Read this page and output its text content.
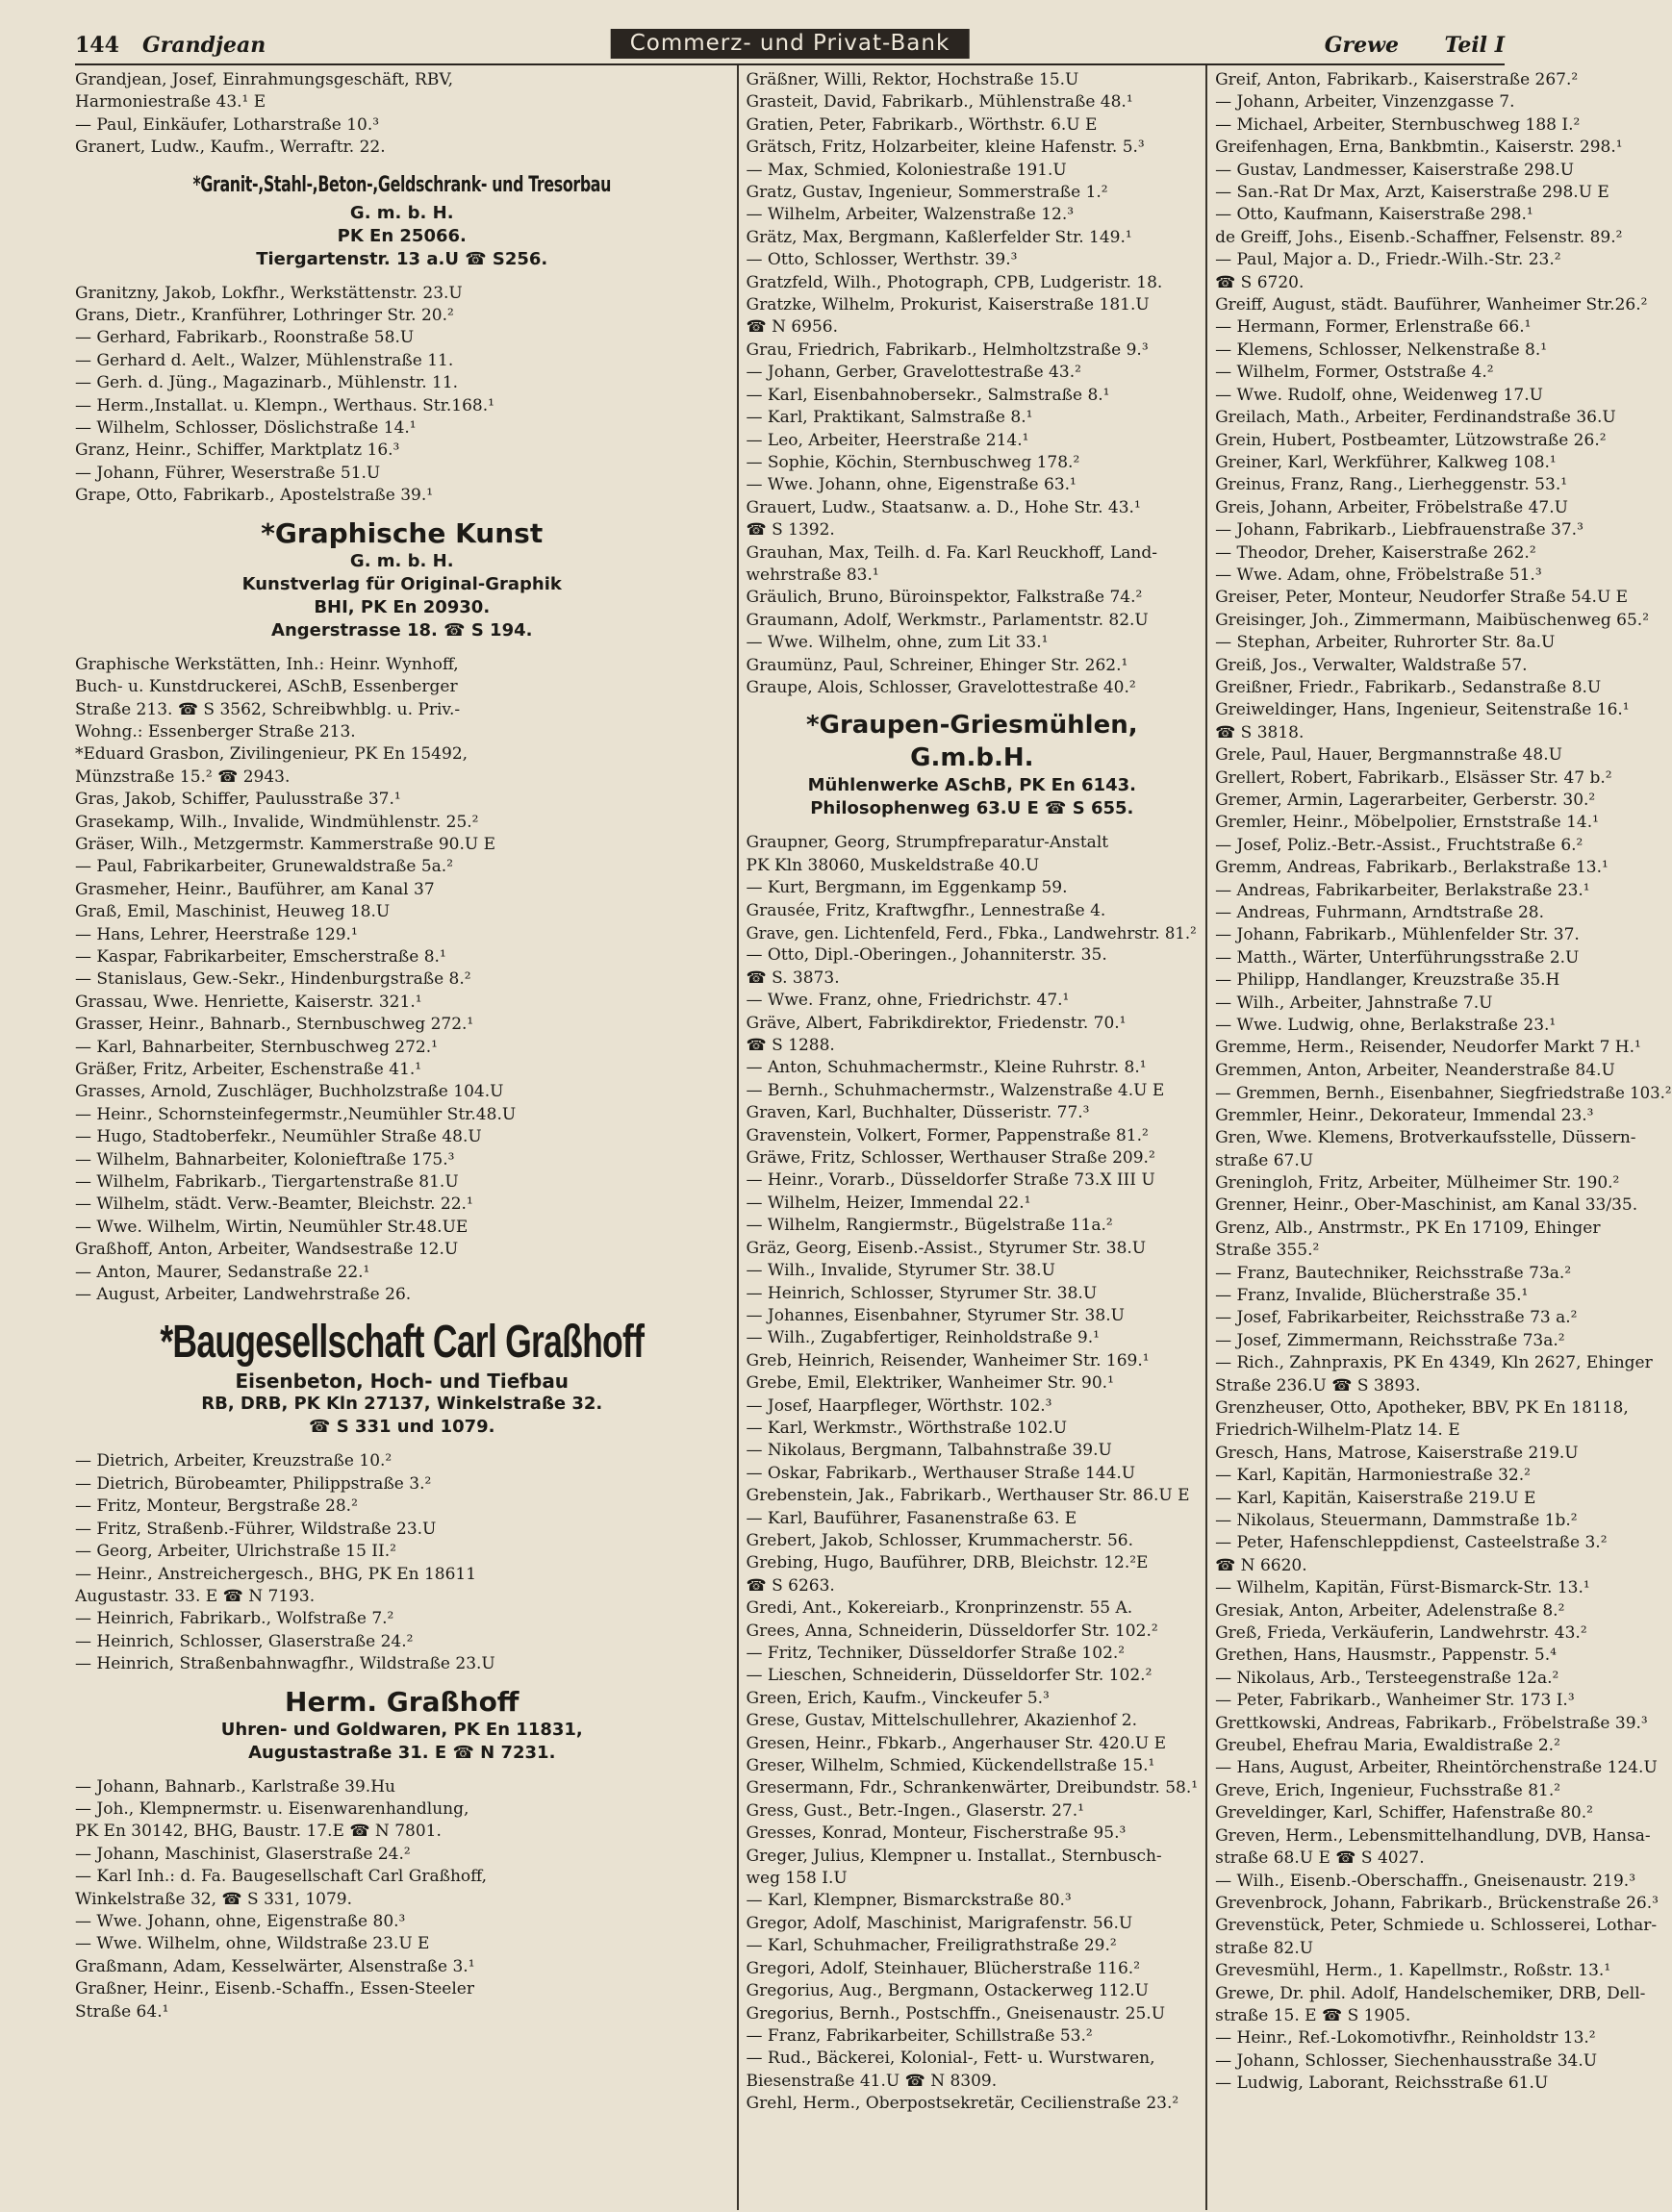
144 Grandjean	Commerz- und Privat-Bank	Grewe Teil I
Grandjean, Josef, Einrahmungsgeschäft, RBV,
Harmoniestraße 43.¹ E
— Paul, Einkäufer, Lotharstraße 10.³
Granert, Ludw., Kaufm., Werraftr. 22.
*Granit-,Stahl-,Beton-,Geldschrank- und Tresorbau
G. m. b. H.
PK En 25066.
Tiergartenstr. 13 a.U ☎ S256.
Granitzny, Jakob, Lokfhr., Werkstättenstr. 23.U
Grans, Dietr., Kranführer, Lothringer Str. 20.²
— Gerhard, Fabrikarb., Roonstraße 58.U
— Gerhard d. Aelt., Walzer, Mühlenstraße 11.
— Gerh. d. Jüng., Magazinarb., Mühlenstr. 11.
— Herm.,Installat. u. Klempn., Werthaus. Str.168.¹
— Wilhelm, Schlosser, Döslichstraße 14.¹
Granz, Heinr., Schiffer, Marktplatz 16.³
— Johann, Führer, Weserstraße 51.U
Grape, Otto, Fabrikarb., Apostelstraße 39.¹
*Graphische Kunst
G. m. b. H.
Kunstverlag für Original-Graphik
BHI, PK En 20930.
Angerstrasse 18. ☎ S 194.
Graphische Werkstätten, Inh.: Heinr. Wynhoff,
Buch- u. Kunstdruckerei, ASchB, Essenberger
Straße 213. ☎ S 3562, Schreibwhblg. u. Priv.-
Wohng.: Essenberger Straße 213.
*Eduard Grasbon, Zivilingenieur, PK En 15492,
Münzstraße 15.² ☎ 2943.
Gras, Jakob, Schiffer, Paulusstraße 37.¹
Grasekamp, Wilh., Invalide, Windmühlenstr. 25.²
Gräser, Wilh., Metzgermstr. Kammerstraße 90.U E
— Paul, Fabrikarbeiter, Grunewaldstraße 5a.²
Grasmeher, Heinr., Bauführer, am Kanal 37
Graß, Emil, Maschinist, Heuweg 18.U
— Hans, Lehrer, Heerstraße 129.¹
— Kaspar, Fabrikarbeiter, Emscherstraße 8.¹
— Stanislaus, Gew.-Sekr., Hindenburgstraße 8.²
Grassau, Wwe. Henriette, Kaiserstr. 321.¹
Grasser, Heinr., Bahnarb., Sternbuschweg 272.¹
— Karl, Bahnarbeiter, Sternbuschweg 272.¹
Gräßer, Fritz, Arbeiter, Eschenstraße 41.¹
Grasses, Arnold, Zuschläger, Buchholzstraße 104.U
— Heinr., Schornsteinfegermstr.,Neumühler Str.48.U
— Hugo, Stadtoberfekr., Neumühler Straße 48.U
— Wilhelm, Bahnarbeiter, Kolonieftraße 175.³
— Wilhelm, Fabrikarb., Tiergartenstraße 81.U
— Wilhelm, städt. Verw.-Beamter, Bleichstr. 22.¹
— Wwe. Wilhelm, Wirtin, Neumühler Str.48.UE
Graßhoff, Anton, Arbeiter, Wandsestraße 12.U
— Anton, Maurer, Sedanstraße 22.¹
— August, Arbeiter, Landwehrstraße 26.
*Baugesellschaft Carl Graßhoff
Eisenbeton, Hoch- und Tiefbau
RB, DRB, PK Kln 27137, Winkelstraße 32.
☎ S 331 und 1079.
— Dietrich, Arbeiter, Kreuzstraße 10.²
— Dietrich, Bürobeamter, Philippstraße 3.²
— Fritz, Monteur, Bergstraße 28.²
— Fritz, Straßenb.-Führer, Wildstraße 23.U
— Georg, Arbeiter, Ulrichstraße 15 II.²
— Heinr., Anstreichergesch., BHG, PK En 18611
Augustastr. 33. E ☎ N 7193.
— Heinrich, Fabrikarb., Wolfstraße 7.²
— Heinrich, Schlosser, Glaserstraße 24.²
— Heinrich, Straßenbahnwagfhr., Wildstraße 23.U
Herm. Graßhoff
Uhren- und Goldwaren, PK En 11831,
Augustastraße 31. E ☎ N 7231.
— Johann, Bahnarb., Karlstraße 39.Hu
— Joh., Klempnermstr. u. Eisenwarenhandlung,
PK En 30142, BHG, Baustr. 17.E ☎ N 7801.
— Johann, Maschinist, Glaserstraße 24.²
— Karl Inh.: d. Fa. Baugesellschaft Carl Graßhoff,
Winkelstraße 32, ☎ S 331, 1079.
— Wwe. Johann, ohne, Eigenstraße 80.³
— Wwe. Wilhelm, ohne, Wildstraße 23.U E
Graßmann, Adam, Kesselwärter, Alsenstraße 3.¹
Graßner, Heinr., Eisenb.-Schaffn., Essen-Steeler
Straße 64.¹
Gräßner, Willi, Rektor, Hochstraße 15.U
Grasteit, David, Fabrikarb., Mühlenstraße 48.¹
Gratien, Peter, Fabrikarb., Wörthstr. 6.U E
Grätsch, Fritz, Holzarbeiter, kleine Hafenstr. 5.³
— Max, Schmied, Koloniestraße 191.U
Gratz, Gustav, Ingenieur, Sommerstraße 1.²
— Wilhelm, Arbeiter, Walzenstraße 12.³
Grätz, Max, Bergmann, Kaßlerfelder Str. 149.¹
— Otto, Schlosser, Werthstr. 39.³
Gratzfeld, Wilh., Photograph, CPB, Ludgeristr. 18.
Gratzke, Wilhelm, Prokurist, Kaiserstraße 181.U
☎ N 6956.
Grau, Friedrich, Fabrikarb., Helmholtzstraße 9.³
— Johann, Gerber, Gravelottestraße 43.²
— Karl, Eisenbahnobersekr., Salmstraße 8.¹
— Karl, Praktikant, Salmstraße 8.¹
— Leo, Arbeiter, Heerstraße 214.¹
— Sophie, Köchin, Sternbuschweg 178.²
— Wwe. Johann, ohne, Eigenstraße 63.¹
Grauert, Ludw., Staatsanw. a. D., Hohe Str. 43.¹
☎ S 1392.
Grauhan, Max, Teilh. d. Fa. Karl Reuckhoff, Land-
wehrstraße 83.¹
Gräulich, Bruno, Büroinspektor, Falkstraße 74.²
Graumann, Adolf, Werkmstr., Parlamentstr. 82.U
— Wwe. Wilhelm, ohne, zum Lit 33.¹
Graumünz, Paul, Schreiner, Ehinger Str. 262.¹
Graupe, Alois, Schlosser, Gravelottestraße 40.²
*Graupen-Griesmühlen, G.m.b.H.
Mühlenwerke ASchB, PK En 6143.
Philosophenweg 63.U E ☎ S 655.
Graupner, Georg, Strumpfreparatur-Anstalt
PK Kln 38060, Muskeldstraße 40.U
— Kurt, Bergmann, im Eggenkamp 59.
Grausée, Fritz, Kraftwgfhr., Lennestraße 4.
Grave, gen. Lichtenfeld, Ferd., Fbkа., Landwehrstr. 81.²
— Otto, Dipl.-Oberingen., Johanniterstr. 35.
☎ S. 3873.
— Wwe. Franz, ohne, Friedrichstr. 47.¹
Gräve, Albert, Fabrikdirektor, Friedenstr. 70.¹
☎ S 1288.
— Anton, Schuhmachermstr., Kleine Ruhrstr. 8.¹
— Bernh., Schuhmachermstr., Walzenstraße 4.U E
Graven, Karl, Buchhalter, Düsseristr. 77.³
Gravenstein, Volkert, Former, Pappenstraße 81.²
Gräwe, Fritz, Schlosser, Werthauser Straße 209.²
— Heinr., Vorarb., Düsseldorfer Straße 73.X III U
— Wilhelm, Heizer, Immendal 22.¹
— Wilhelm, Rangiermstr., Bügelstraße 11a.²
Gräz, Georg, Eisenb.-Assist., Styrumer Str. 38.U
— Wilh., Invalide, Styrumer Str. 38.U
— Heinrich, Schlosser, Styrumer Str. 38.U
— Johannes, Eisenbahner, Styrumer Str. 38.U
— Wilh., Zugabfertiger, Reinholdstraße 9.¹
Greb, Heinrich, Reisender, Wanheimer Str. 169.¹
Grebe, Emil, Elektriker, Wanheimer Str. 90.¹
— Josef, Haarpfleger, Wörthstr. 102.³
— Karl, Werkmstr., Wörthstraße 102.U
— Nikolaus, Bergmann, Talbahnstraße 39.U
— Oskar, Fabrikarb., Werthauser Straße 144.U
Grebenstein, Jak., Fabrikarb., Werthauser Str. 86.U E
— Karl, Bauführer, Fasanenstraße 63. E
Grebert, Jakob, Schlosser, Krummacherstr. 56.
Grebing, Hugo, Bauführer, DRB, Bleichstr. 12.²E
☎ S 6263.
Gredi, Ant., Kokereiarb., Kronprinzenstr. 55 A.
Grees, Anna, Schneiderin, Düsseldorfer Str. 102.²
— Fritz, Techniker, Düsseldorfer Straße 102.²
— Lieschen, Schneiderin, Düsseldorfer Str. 102.²
Green, Erich, Kaufm., Vinckeufer 5.³
Grese, Gustav, Mittelschullehrer, Akazienhof 2.
Gresen, Heinr., Fbkarb., Angerhauser Str. 420.U E
Greser, Wilhelm, Schmied, Kückendellstraße 15.¹
Gresermann, Fdr., Schrankenwärter, Dreibundstr. 58.¹
Gress, Gust., Betr.-Ingen., Glaserstr. 27.¹
Gresses, Konrad, Monteur, Fischerstraße 95.³
Greger, Julius, Klempner u. Installat., Sternbusch-
weg 158 I.U
— Karl, Klempner, Bismarckstraße 80.³
Gregor, Adolf, Maschinist, Marigrafenstr. 56.U
— Karl, Schuhmacher, Freiligrathstraße 29.²
Gregori, Adolf, Steinhauer, Blücherstraße 116.²
Gregorius, Aug., Bergmann, Ostackerweg 112.U
Gregorius, Bernh., Postschffn., Gneisenaustr. 25.U
— Franz, Fabrikarbeiter, Schillstraße 53.²
— Rud., Bäckerei, Kolonial-, Fett- u. Wurstwaren,
Biesenstraße 41.U ☎ N 8309.
Grehl, Herm., Oberpostsekretär, Cecilienstraße 23.²
Greif, Anton, Fabrikarb., Kaiserstraße 267.²
— Johann, Arbeiter, Vinzenzgasse 7.
— Michael, Arbeiter, Sternbuschweg 188 I.²
Greifenhagen, Erna, Bankbmtin., Kaiserstr. 298.¹
— Gustav, Landmesser, Kaiserstraße 298.U
— San.-Rat Dr Max, Arzt, Kaiserstraße 298.U E
— Otto, Kaufmann, Kaiserstraße 298.¹
de Greiff, Johs., Eisenb.-Schaffner, Felsenstr. 89.²
— Paul, Major a. D., Friedr.-Wilh.-Str. 23.²
☎ S 6720.
Greiff, August, städt. Bauführer, Wanheimer Str.26.²
— Hermann, Former, Erlenstraße 66.¹
— Klemens, Schlosser, Nelkenstraße 8.¹
— Wilhelm, Former, Oststraße 4.²
— Wwe. Rudolf, ohne, Weidenweg 17.U
Greilach, Math., Arbeiter, Ferdinandstraße 36.U
Grein, Hubert, Postbeamter, Lützowstraße 26.²
Greiner, Karl, Werkführer, Kalkweg 108.¹
Greinus, Franz, Rang., Lierheggenstr. 53.¹
Greis, Johann, Arbeiter, Fröbelstraße 47.U
— Johann, Fabrikarb., Liebfrauenstraße 37.³
— Theodor, Dreher, Kaiserstraße 262.²
— Wwe. Adam, ohne, Fröbelstraße 51.³
Greiser, Peter, Monteur, Neudorfer Straße 54.U E
Greisinger, Joh., Zimmermann, Maibüschenweg 65.²
— Stephan, Arbeiter, Ruhrorter Str. 8a.U
Greiß, Jos., Verwalter, Waldstraße 57.
Greißner, Friedr., Fabrikarb., Sedanstraße 8.U
Greiweldinger, Hans, Ingenieur, Seitenstraße 16.¹
☎ S 3818.
Grele, Paul, Hauer, Bergmannstraße 48.U
Grellert, Robert, Fabrikarb., Elsässer Str. 47 b.²
Gremer, Armin, Lagerarbeiter, Gerberstr. 30.²
Gremler, Heinr., Möbelpolier, Ernststraße 14.¹
— Josef, Poliz.-Betr.-Assist., Fruchtstraße 6.²
Gremm, Andreas, Fabrikarb., Berlakstraße 13.¹
— Andreas, Fabrikarbeiter, Berlakstraße 23.¹
— Andreas, Fuhrmann, Arndtstraße 28.
— Johann, Fabrikarb., Mühlenfelder Str. 37.
— Matth., Wärter, Unterführungsstraße 2.U
— Philipp, Handlanger, Kreuzstraße 35.H
— Wilh., Arbeiter, Jahnstraße 7.U
— Wwe. Ludwig, ohne, Berlakstraße 23.¹
Gremme, Herm., Reisender, Neudorfer Markt 7 H.¹
Gremmen, Anton, Arbeiter, Neanderstraße 84.U
— Gremmen, Bernh., Eisenbahner, Siegfriedstraße 103.²
Gremmler, Heinr., Dekorateur, Immendal 23.³
Gren, Wwe. Klemens, Brotverkaufsstelle, Düssern-
straße 67.U
Greningloh, Fritz, Arbeiter, Mülheimer Str. 190.²
Grenner, Heinr., Ober-Maschinist, am Kanal 33/35.
Grenz, Alb., Anstrmstr., PK En 17109, Ehinger
Straße 355.²
— Franz, Bautechniker, Reichsstraße 73a.²
— Franz, Invalide, Blücherstraße 35.¹
— Josef, Fabrikarbeiter, Reichsstraße 73 a.²
— Josef, Zimmermann, Reichsstraße 73a.²
— Rich., Zahnpraxis, PK En 4349, Kln 2627, Ehinger
Straße 236.U ☎ S 3893.
Grenzheuser, Otto, Apotheker, BBV, PK En 18118,
Friedrich-Wilhelm-Platz 14. E
Gresch, Hans, Matrose, Kaiserstraße 219.U
— Karl, Kapitän, Harmoniestraße 32.²
— Karl, Kapitän, Kaiserstraße 219.U E
— Nikolaus, Steuermann, Dammstraße 1b.²
— Peter, Hafenschleppdienst, Casteelstraße 3.²
☎ N 6620.
— Wilhelm, Kapitän, Fürst-Bismarck-Str. 13.¹
Gresiak, Anton, Arbeiter, Adelenstraße 8.²
Greß, Frieda, Verkäuferin, Landwehrstr. 43.²
Grethen, Hans, Hausmstr., Pappenstr. 5.⁴
— Nikolaus, Arb., Tersteegenstraße 12a.²
— Peter, Fabrikarb., Wanheimer Str. 173 I.³
Grettkowski, Andreas, Fabrikarb., Fröbelstraße 39.³
Greubel, Ehefrau Maria, Ewaldistraße 2.²
— Hans, August, Arbeiter, Rheintörchenstraße 124.U
Greve, Erich, Ingenieur, Fuchsstraße 81.²
Greveldinger, Karl, Schiffer, Hafenstraße 80.²
Greven, Herm., Lebensmittelhandlung, DVB, Hansa-
straße 68.U E ☎ S 4027.
— Wilh., Eisenb.-Oberschaffn., Gneisenaustr. 219.³
Grevenbrock, Johann, Fabrikarb., Brückenstraße 26.³
Grevenstück, Peter, Schmiede u. Schlosserei, Lothar-
straße 82.U
Grevesmühl, Herm., 1. Kapellmstr., Roßstr. 13.¹
Grewe, Dr. phil. Adolf, Handelschemiker, DRB, Dell-
straße 15. E ☎ S 1905.
— Heinr., Ref.-Lokomotivfhr., Reinholdstr 13.²
— Johann, Schlosser, Siechenhausstraße 34.U
— Ludwig, Laborant, Reichsstraße 61.U
